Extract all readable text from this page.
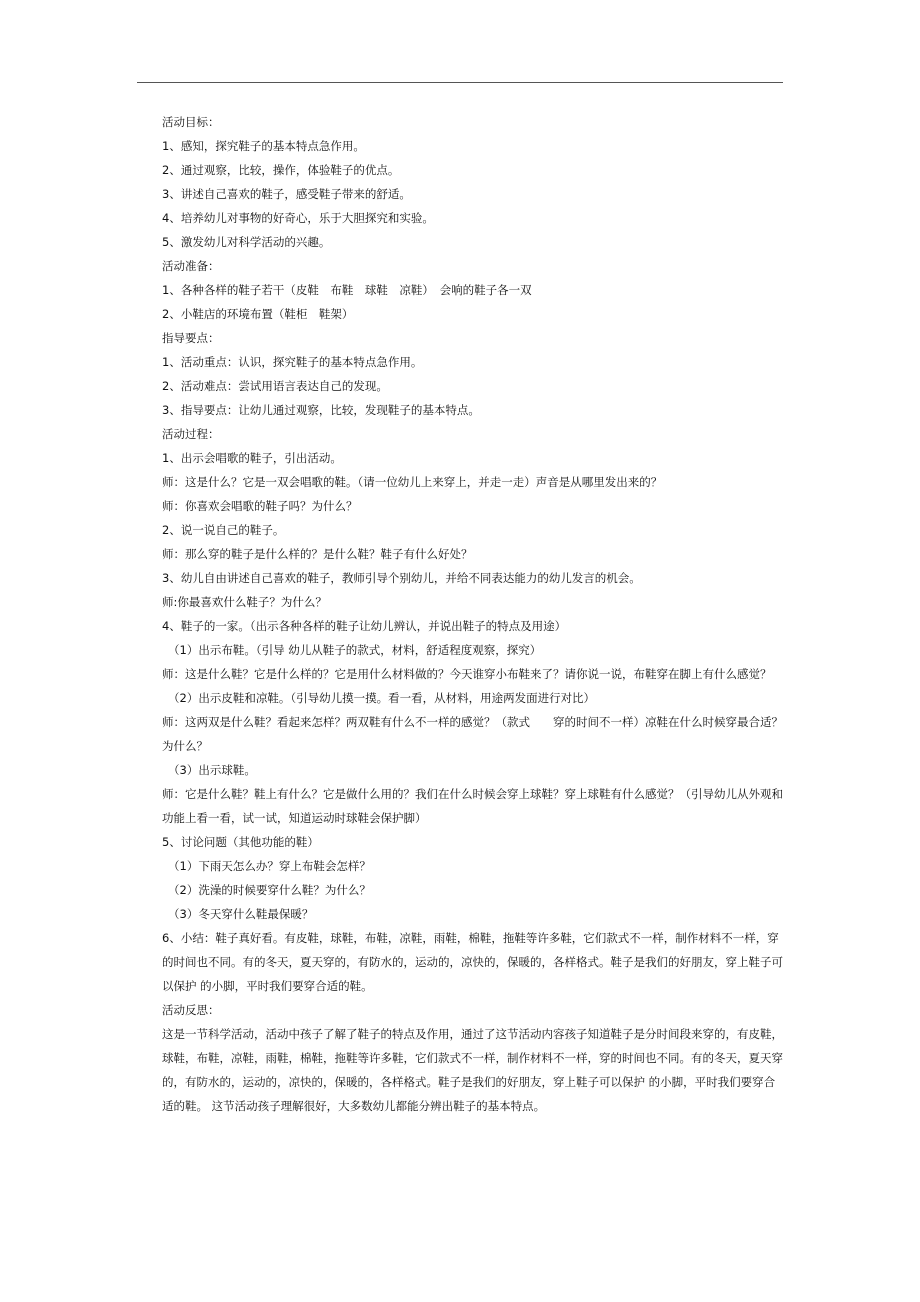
活动目标：

1、感知，探究鞋子的基本特点急作用。

2、通过观察，比较，操作，体验鞋子的优点。

3、讲述自己喜欢的鞋子，感受鞋子带来的舒适。

4、培养幼儿对事物的好奇心，乐于大胆探究和实验。

5、激发幼儿对科学活动的兴趣。

活动准备：

1、各种各样的鞋子若干（皮鞋　布鞋　球鞋　凉鞋）　会响的鞋子各一双

2、小鞋店的环境布置（鞋柜　鞋架）

指导要点：

1、活动重点：认识，探究鞋子的基本特点急作用。

2、活动难点：尝试用语言表达自己的发现。

3、指导要点：让幼儿通过观察，比较，发现鞋子的基本特点。

活动过程：

1、出示会唱歌的鞋子，引出活动。

师：这是什么？它是一双会唱歌的鞋。（请一位幼儿上来穿上，并走一走）声音是从哪里发出来的？

师：你喜欢会唱歌的鞋子吗？为什么？

2、说一说自己的鞋子。

师：那么穿的鞋子是什么样的？是什么鞋？鞋子有什么好处？

3、幼儿自由讲述自己喜欢的鞋子，教师引导个别幼儿，并给不同表达能力的幼儿发言的机会。

师:你最喜欢什么鞋子？为什么？

4、鞋子的一家。（出示各种各样的鞋子让幼儿辨认，并说出鞋子的特点及用途）

（1）出示布鞋。（引导 幼儿从鞋子的款式，材料，舒适程度观察，探究）

师：这是什么鞋？它是什么样的？它是用什么材料做的？今天谁穿小布鞋来了？请你说一说，布鞋穿在脚上有什么感觉？

（2）出示皮鞋和凉鞋。（引导幼儿摸一摸。看一看，从材料，用途两发面进行对比）

师：这两双是什么鞋？看起来怎样？两双鞋有什么不一样的感觉？（款式　　穿的时间不一样）凉鞋在什么时候穿最合适？为什么？

（3）出示球鞋。

师：它是什么鞋？鞋上有什么？它是做什么用的？我们在什么时候会穿上球鞋？穿上球鞋有什么感觉？（引导幼儿从外观和功能上看一看，试一试，知道运动时球鞋会保护脚）

5、讨论问题（其他功能的鞋）

（1）下雨天怎么办？穿上布鞋会怎样？

（2）洗澡的时候要穿什么鞋？为什么？

（3）冬天穿什么鞋最保暖？

6、小结：鞋子真好看。有皮鞋，球鞋，布鞋，凉鞋，雨鞋，棉鞋，拖鞋等许多鞋，它们款式不一样，制作材料不一样，穿的时间也不同。有的冬天，夏天穿的，有防水的，运动的，凉快的，保暖的，各样格式。鞋子是我们的好朋友，穿上鞋子可以保护 的小脚，平时我们要穿合适的鞋。

活动反思：

这是一节科学活动，活动中孩子了解了鞋子的特点及作用，通过了这节活动内容孩子知道鞋子是分时间段来穿的，有皮鞋，球鞋，布鞋，凉鞋，雨鞋，棉鞋，拖鞋等许多鞋，它们款式不一样，制作材料不一样，穿的时间也不同。有的冬天，夏天穿的，有防水的，运动的，凉快的，保暖的，各样格式。鞋子是我们的好朋友，穿上鞋子可以保护 的小脚，平时我们要穿合适的鞋。 这节活动孩子理解很好，大多数幼儿都能分辨出鞋子的基本特点。
